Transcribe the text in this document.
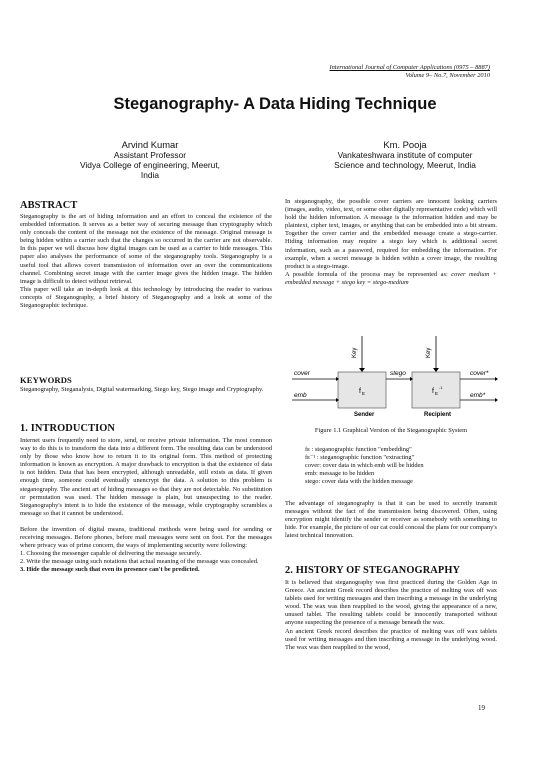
International Journal of Computer Applications (0975 – 8887)
Volume 9– No.7, November 2010
Steganography- A Data Hiding Technique
Arvind Kumar
Assistant Professor
Vidya College of engineering, Meerut, India
Km. Pooja
Vankateshwara institute of computer
Science and technology, Meerut, India
ABSTRACT

Steganography is the art of hiding information and an effort to conceal the existence of the embedded information. It serves as a better way of securing message than cryptography which only conceals the content of the message not the existence of the message. Original message is being hidden within a carrier such that the changes so occurred in the carrier are not observable. In this paper we will discuss how digital images can be used as a carrier to hide messages. This paper also analyses the performance of some of the steganography tools. Steganography is a useful tool that allows covert transmission of information over an over the communications channel. Combining secret image with the carrier image gives the hidden image. The hidden image is difficult to detect without retrieval.

This paper will take an in-depth look at this technology by introducing the reader to various concepts of Steganography, a brief history of Steganography and a look at some of the Steganographic technique.

KEYWORDS
Steganography, Steganalysis, Digital watermarking, Stego key, Stego image and Cryptography.
1. INTRODUCTION

Internet users frequently need to store, send, or receive private information. The most common way to do this is to transform the data into a different form. The resulting data can be understood only by those who know how to return it to its original form. This method of protecting information is known as encryption. A major drawback to encryption is that the existence of data is not hidden. Data that has been encrypted, although unreadable, still exists as data. If given enough time, someone could eventually unencrypt the data. A solution to this problem is steganography. The ancient art of hiding messages so that they are not detectable. No substitution or permutation was used. The hidden message is plain, but unsuspecting to the reader. Steganography's intent is to hide the existence of the message, while cryptography scrambles a message so that it cannot be understood.

Before the invention of digital means, traditional methods were being used for sending or receiving messages. Before phones, before mail messages were sent on foot. For the messages where privacy was of prime concern, the ways of implementing security were following:

1. Choosing the messenger capable of delivering the message securely.

2. Write the message using such notations that actual meaning of the message was concealed.

3. Hide the message such that even its presence can't be predicted.

In steganography, the possible cover carriers are innocent looking carriers (images, audio, video, text, or some other digitally representative code) which will hold the hidden information. A message is the information hidden and may be plaintext, cipher text, images, or anything that can be embedded into a bit stream. Together the cover carrier and the embedded message create a stego-carrier. Hiding information may require a stego key which is additional secret information, such as a password, required for embedding the information. For example, when a secret message is hidden within a cover image, the resulting product is a stego-image.

A possible formula of the process may be represented as: cover medium + embedded message + stego key = stego-medium

Key	Key
f E	f E
-1
cover
emb
stego	cover*
emb*
Sender	Recipient
Figure 1.1 Graphical Version of the Steganographic System
fᴇ : steganographic function "embedding"
fᴇ⁻¹ : steganographic function "extracting"
cover: cover data in which emb will be hidden
emb: message to be hidden
stego: cover data with the hidden message
The advantage of steganography is that it can be used to secretly transmit messages without the fact of the transmission being discovered. Often, using encryption might identify the sender or receiver as somebody with something to hide. For example, the picture of our cat could conceal the plans for our company's latest technical innovation.
2. HISTORY OF STEGANOGRAPHY

It is believed that steganography was first practiced during the Golden Age in Greece. An ancient Greek record describes the practice of melting wax off wax tablets used for writing messages and then inscribing a message in the underlying wood. The wax was then reapplied to the wood, giving the appearance of a new, unused tablet. The resulting tablets could be innocently transported without anyone suspecting the presence of a message beneath the wax.

An ancient Greek record describes the practice of melting wax off wax tablets used for writing messages and then inscribing a message in the underlying wood. The wax was then reapplied to the wood,

19
